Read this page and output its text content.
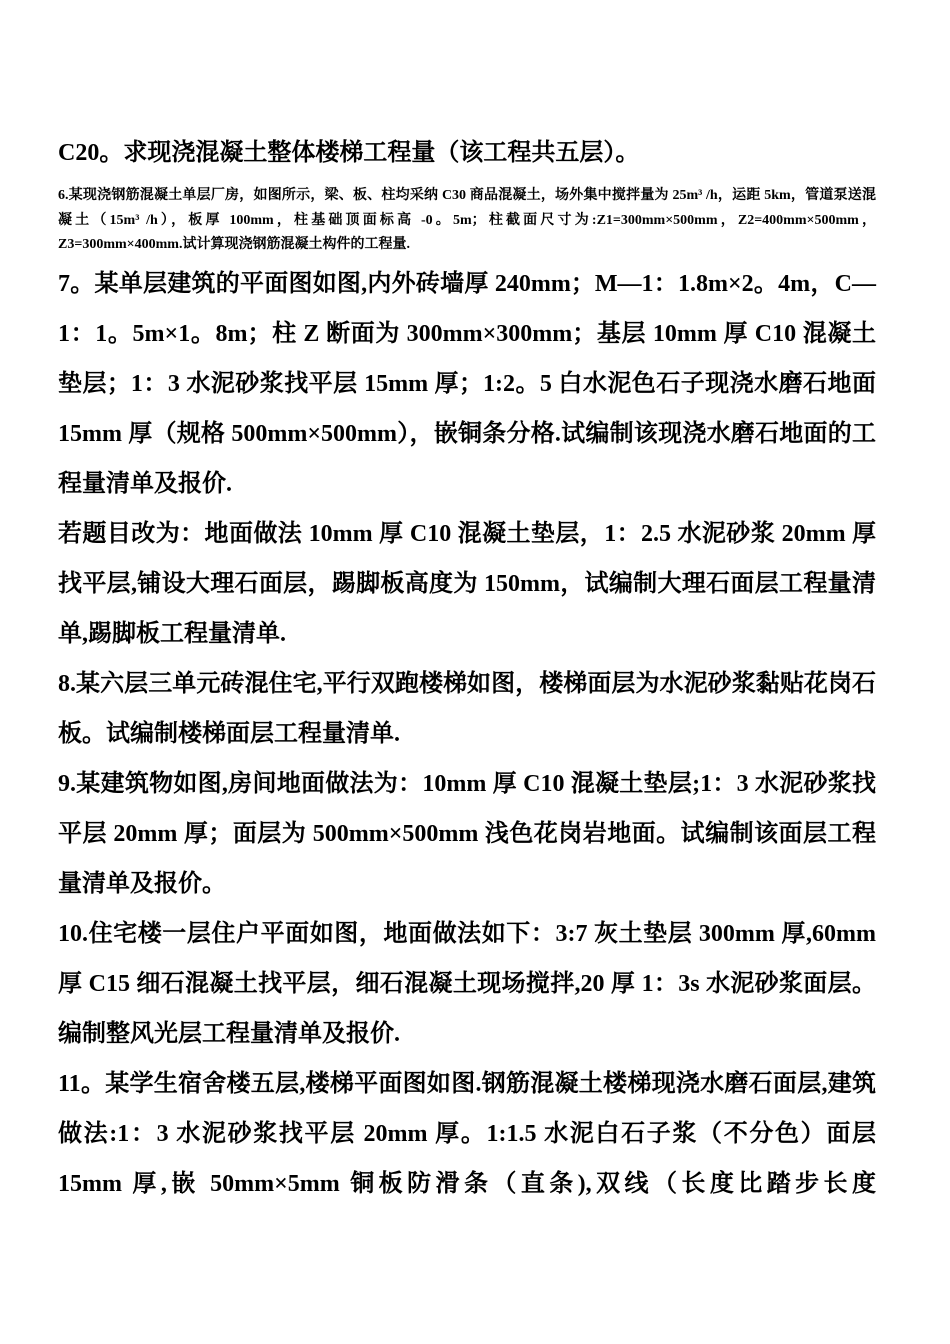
C20。求现浇混凝土整体楼梯工程量（该工程共五层）。

6.某现浇钢筋混凝土单层厂房，如图所示，梁、板、柱均采纳 C30 商品混凝土，场外集中搅拌量为 25m³ /h，运距 5km，管道泵送混凝土（15m³ /h），板厚 100mm，柱基础顶面标高 -0。5m；柱截面尺寸为:Z1=300mm×500mm，Z2=400mm×500mm，Z3=300mm×400mm.试计算现浇钢筋混凝土构件的工程量.

7。某单层建筑的平面图如图,内外砖墙厚 240mm；M—1：1.8m×2。4m，C—1：1。5m×1。8m；柱 Z 断面为 300mm×300mm；基层 10mm 厚 C10 混凝土垫层；1：3 水泥砂浆找平层 15mm 厚；1:2。5 白水泥色石子现浇水磨石地面 15mm 厚（规格 500mm×500mm），嵌铜条分格.试编制该现浇水磨石地面的工程量清单及报价.

若题目改为：地面做法 10mm 厚 C10 混凝土垫层，1：2.5 水泥砂浆 20mm 厚找平层,铺设大理石面层，踢脚板高度为 150mm，试编制大理石面层工程量清单,踢脚板工程量清单.

8.某六层三单元砖混住宅,平行双跑楼梯如图，楼梯面层为水泥砂浆黏贴花岗石板。试编制楼梯面层工程量清单.

9.某建筑物如图,房间地面做法为：10mm 厚 C10 混凝土垫层;1：3 水泥砂浆找平层 20mm 厚；面层为 500mm×500mm 浅色花岗岩地面。试编制该面层工程量清单及报价。

10.住宅楼一层住户平面如图，地面做法如下：3:7 灰土垫层 300mm 厚,60mm 厚 C15 细石混凝土找平层，细石混凝土现场搅拌,20 厚 1：3s 水泥砂浆面层。编制整风光层工程量清单及报价.

11。某学生宿舍楼五层,楼梯平面图如图.钢筋混凝土楼梯现浇水磨石面层,建筑做法:1：3 水泥砂浆找平层 20mm 厚。1:1.5 水泥白石子浆（不分色）面层 15mm 厚,嵌 50mm×5mm 铜板防滑条（直条),双线（长度比踏步长度
